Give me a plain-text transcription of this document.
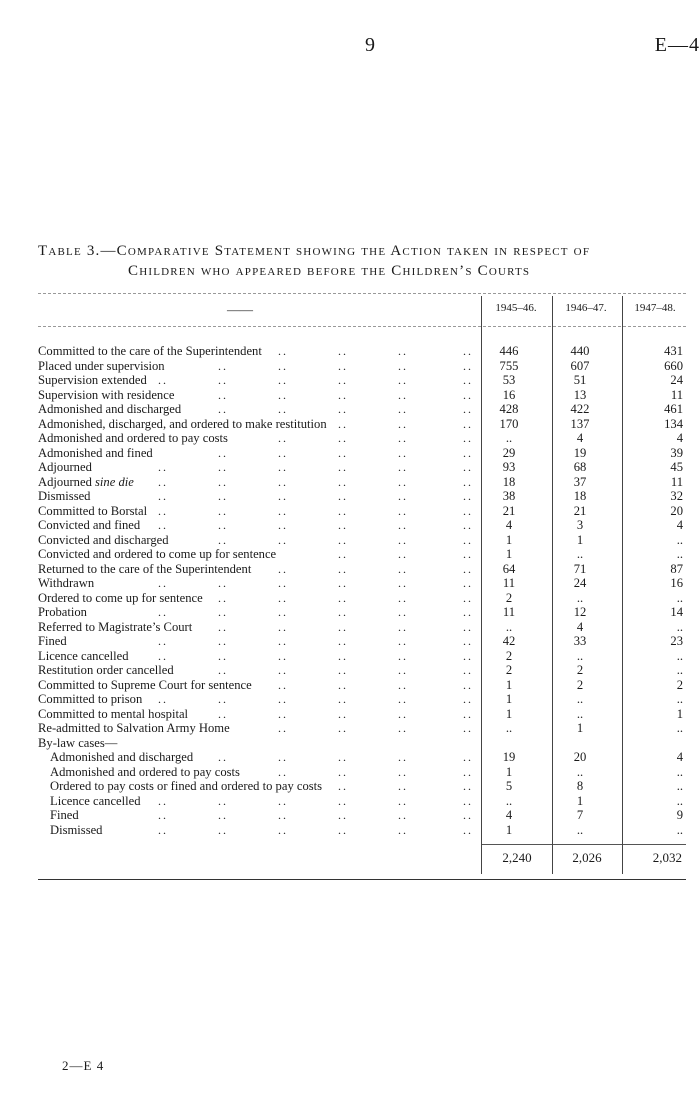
9	E—4
Table 3.—Comparative Statement showing the Action taken in respect of
Children who appeared before the Children’s Courts
——	1945–46.	1946–47.	1947–48.
..	..	..	..
Committed to the care of the Superintendent	446	440	431
..	..	..	..	..
Placed under supervision	755	607	660
..	..	..	..	..	..
Supervision extended	53	51	24
..	..	..	..	..
Supervision with residence	16	13	11
..	..	..	..	..
Admonished and discharged	428	422	461
..	..	..
Admonished, discharged, and ordered to make restitution	170	137	134
..	..	..	..
Admonished and ordered to pay costs	..	4	4
..	..	..	..	..
Admonished and fined	29	19	39
..	..	..	..	..	..
Adjourned	93	68	45
..	..	..	..	..	..
Adjourned sine die	18	37	11
..	..	..	..	..	..
Dismissed	38	18	32
..	..	..	..	..	..
Committed to Borstal	21	21	20
..	..	..	..	..	..
Convicted and fined	4	3	4
..	..	..	..	..
Convicted and discharged	1	1	..
..	..	..
Convicted and ordered to come up for sentence	1	..	..
..	..	..	..
Returned to the care of the Superintendent	64	71	87
..	..	..	..	..	..
Withdrawn	11	24	16
..	..	..	..	..
Ordered to come up for sentence	2	..	..
..	..	..	..	..	..
Probation	11	12	14
..	..	..	..	..
Referred to Magistrate’s Court	..	4	..
..	..	..	..	..	..
Fined	42	33	23
..	..	..	..	..	..
Licence cancelled	2	..	..
..	..	..	..	..
Restitution order cancelled	2	2	..
..	..	..	..
Committed to Supreme Court for sentence	1	2	2
..	..	..	..	..	..
Committed to prison	1	..	..
..	..	..	..	..
Committed to mental hospital	1	..	1
..	..	..	..
Re-admitted to Salvation Army Home	..	1	..
By-law cases—
..	..	..	..	..
Admonished and discharged	19	20	4
..	..	..	..
Admonished and ordered to pay costs	1	..	..
..	..	..
Ordered to pay costs or fined and ordered to pay costs	5	8	..
..	..	..	..	..	..
Licence cancelled	..	1	..
..	..	..	..	..	..
Fined	4	7	9
..	..	..	..	..	..
Dismissed	1	..	..
2,240	2,026	2,032
2—E 4
